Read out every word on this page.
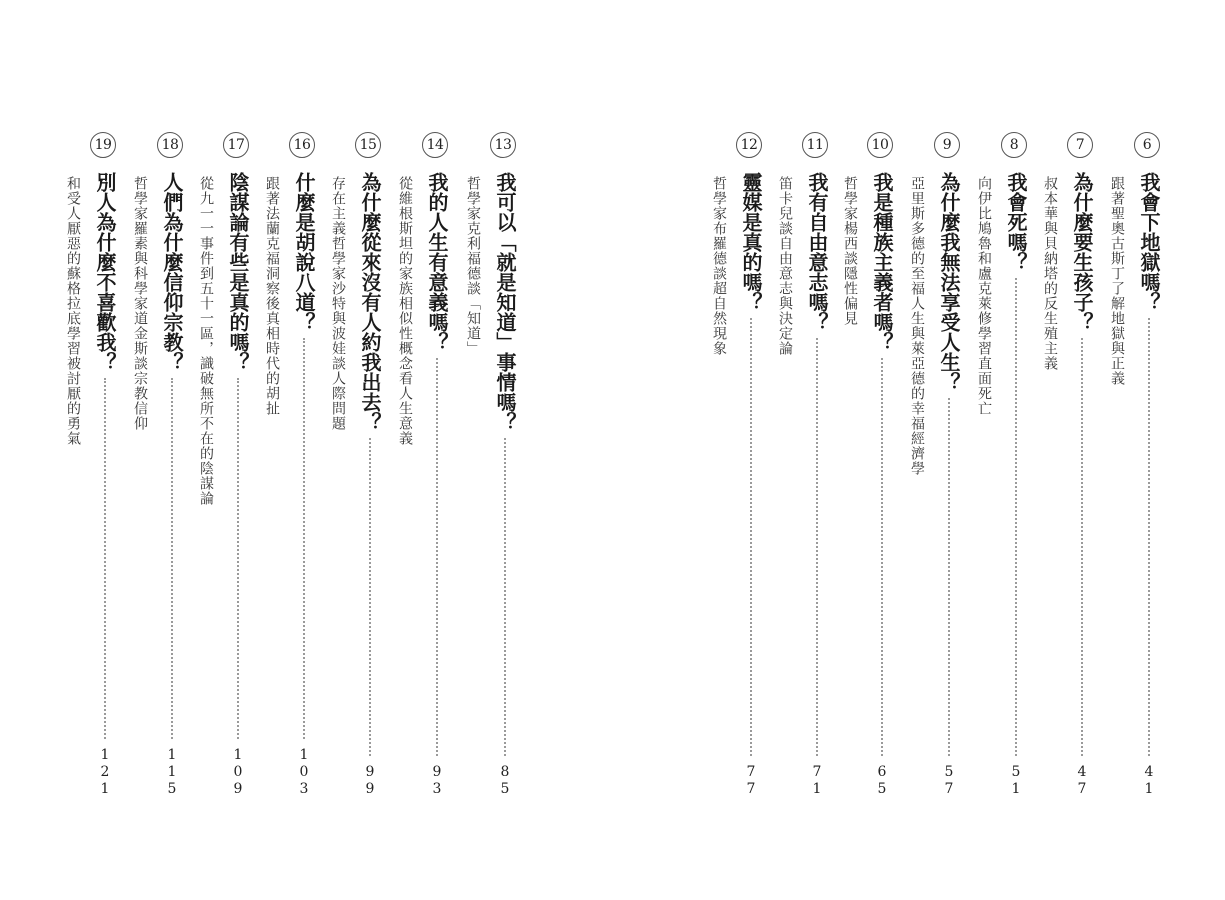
13
我可以「就是知道」事情嗎？
85
哲學家克利福德談「知道」
14
我的人生有意義嗎？
93
從維根斯坦的家族相似性概念看人生意義
15
為什麼從來沒有人約我出去？
99
存在主義哲學家沙特與波娃談人際問題
16
什麼是胡說八道？
103
跟著法蘭克福洞察後真相時代的胡扯
17
陰謀論有些是真的嗎？
109
從九一一事件到五十一區，識破無所不在的陰謀論
18
人們為什麼信仰宗教？
115
哲學家羅素與科學家道金斯談宗教信仰
19
別人為什麼不喜歡我？
121
和受人厭惡的蘇格拉底學習被討厭的勇氣
6
我會下地獄嗎？
41
跟著聖奧古斯丁了解地獄與正義
7
為什麼要生孩子？
47
叔本華與貝納塔的反生殖主義
8
我會死嗎？
51
向伊比鳩魯和盧克萊修學習直面死亡
9
為什麼我無法享受人生？
57
亞里斯多德的至福人生與萊亞德的幸福經濟學
10
我是種族主義者嗎？
65
哲學家楊西談隱性偏見
11
我有自由意志嗎？
71
笛卡兒談自由意志與決定論
12
靈媒是真的嗎？
77
哲學家布羅德談超自然現象
